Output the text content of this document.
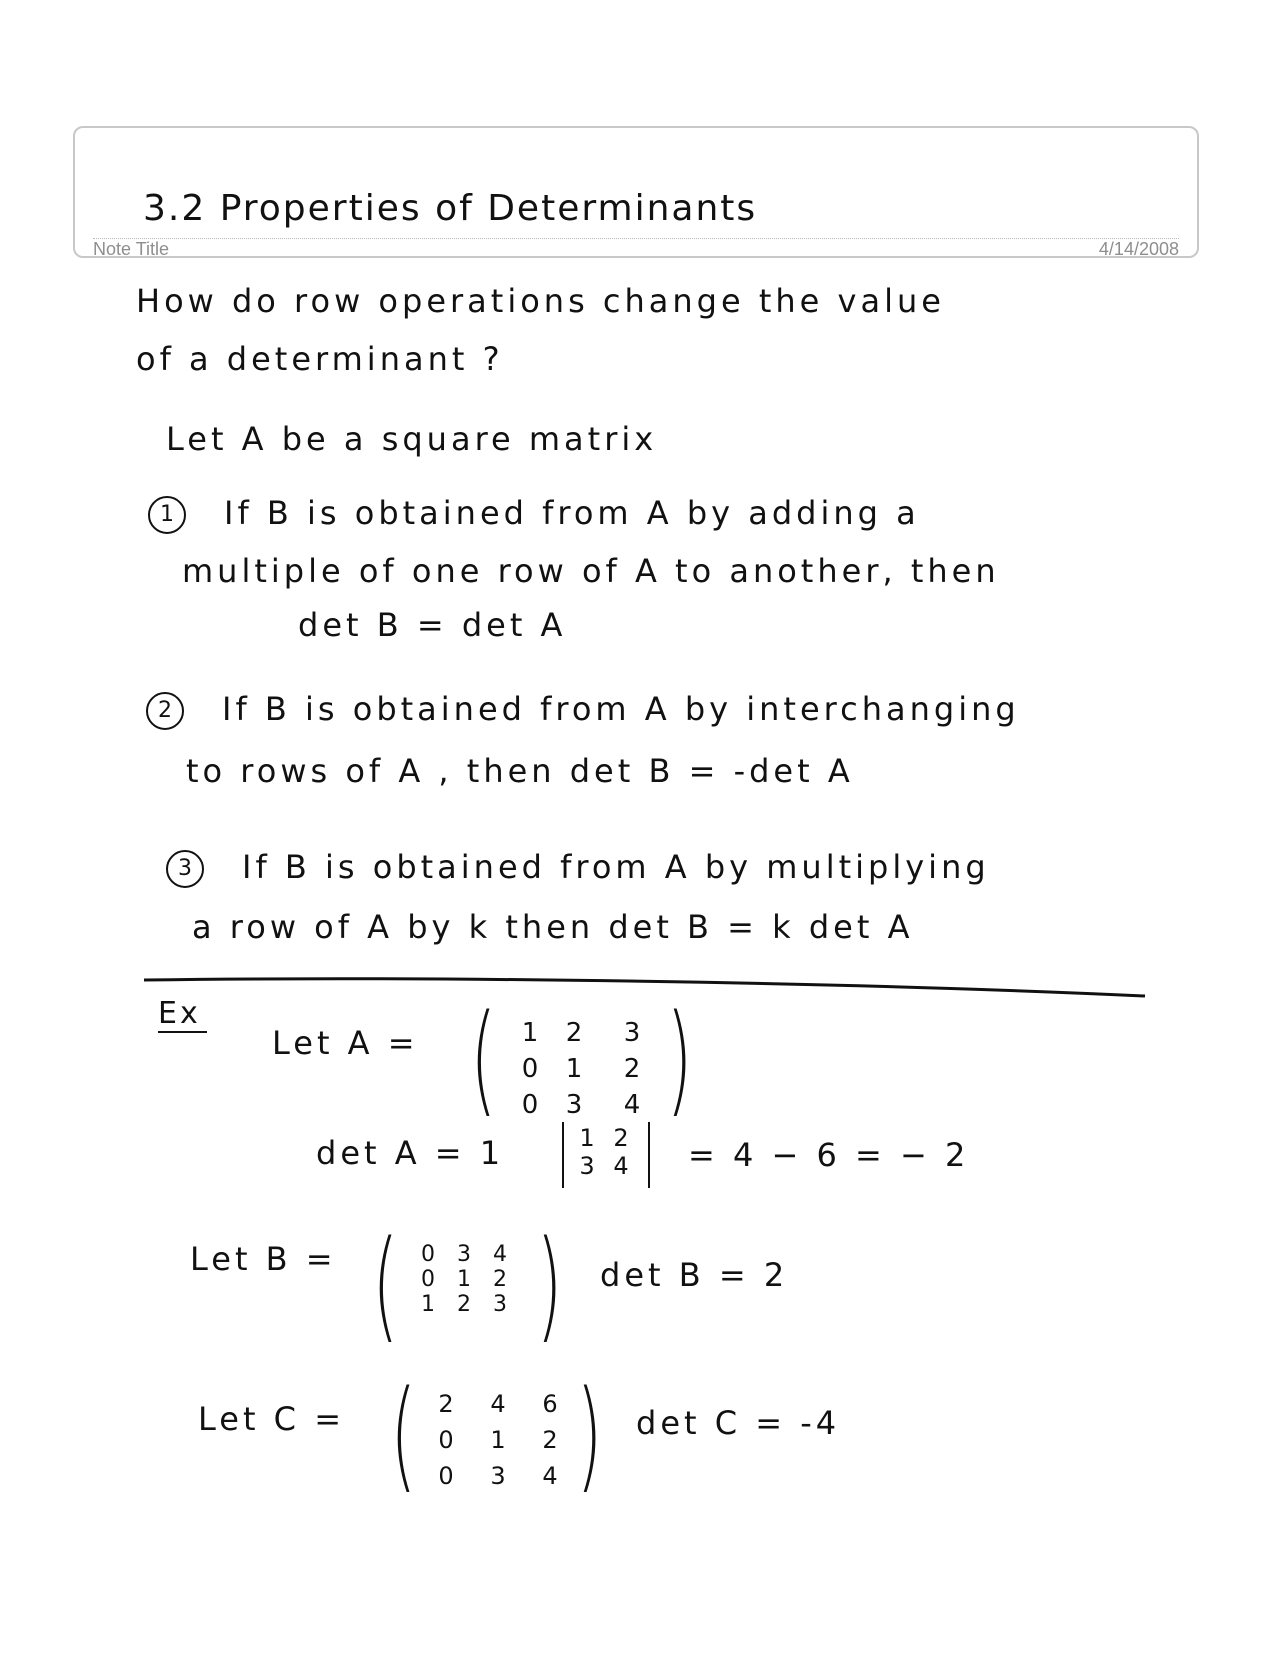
3.2 Properties of Determinants
Note Title	4/14/2008
How do row operations change the value
of a determinant ?
Let A be a square matrix
1 If B is obtained from A by adding a
multiple of one row of A to another, then
det B = det A
2 If B is obtained from A by interchanging
to rows of A , then det B = -det A
3 If B is obtained from A by multiplying
a row of A by k then det B = k det A
Ex
Let A = ( 1	2	3
0	1	2
0	3	4 )
det A = 1	1 2
3 4 = 4 − 6 = − 2
Let B = (	0	3	4
0	1	2
1	2	3 ) det B = 2
Let C = ( 2	4	6
0	1	2
0	3	4 ) det C = -4
